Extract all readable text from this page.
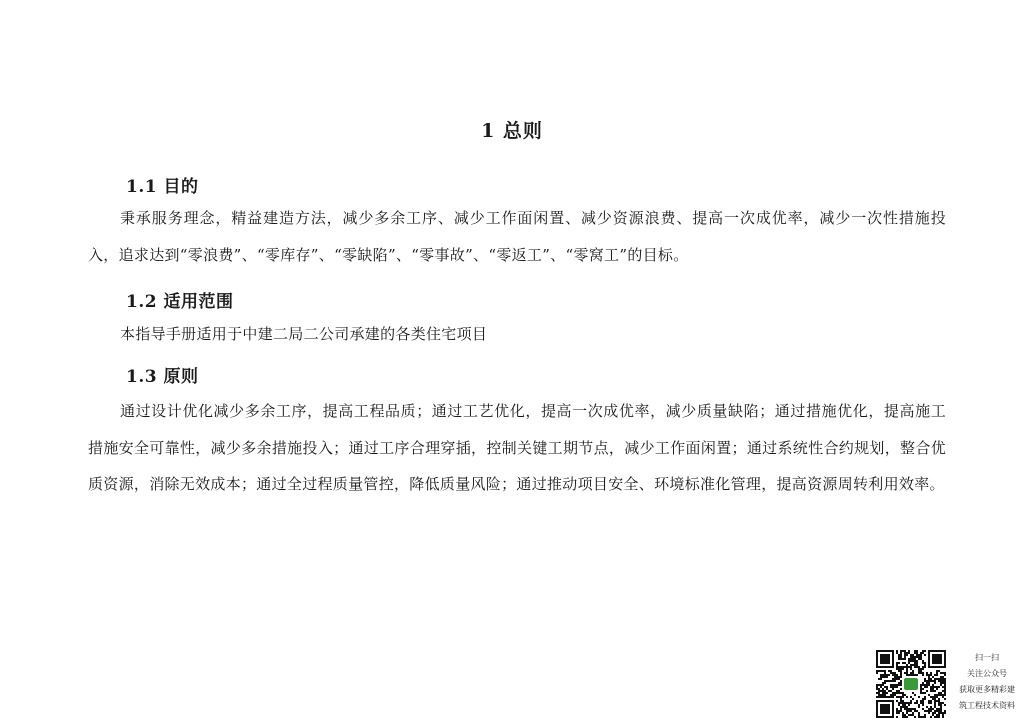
1 总则
1.1 目的
秉承服务理念，精益建造方法，减少多余工序、减少工作面闲置、减少资源浪费、提高一次成优率，减少一次性措施投入，追求达到“零浪费”、“零库存”、“零缺陷”、“零事故”、“零返工”、“零窝工”的目标。
1.2 适用范围
本指导手册适用于中建二局二公司承建的各类住宅项目
1.3 原则
通过设计优化减少多余工序，提高工程品质；通过工艺优化，提高一次成优率，减少质量缺陷；通过措施优化，提高施工措施安全可靠性，减少多余措施投入；通过工序合理穿插，控制关键工期节点，减少工作面闲置；通过系统性合约规划，整合优质资源，消除无效成本；通过全过程质量管控，降低质量风险；通过推动项目安全、环境标准化管理，提高资源周转利用效率。
扫一扫
关注公众号
获取更多精彩建
筑工程技术资料
